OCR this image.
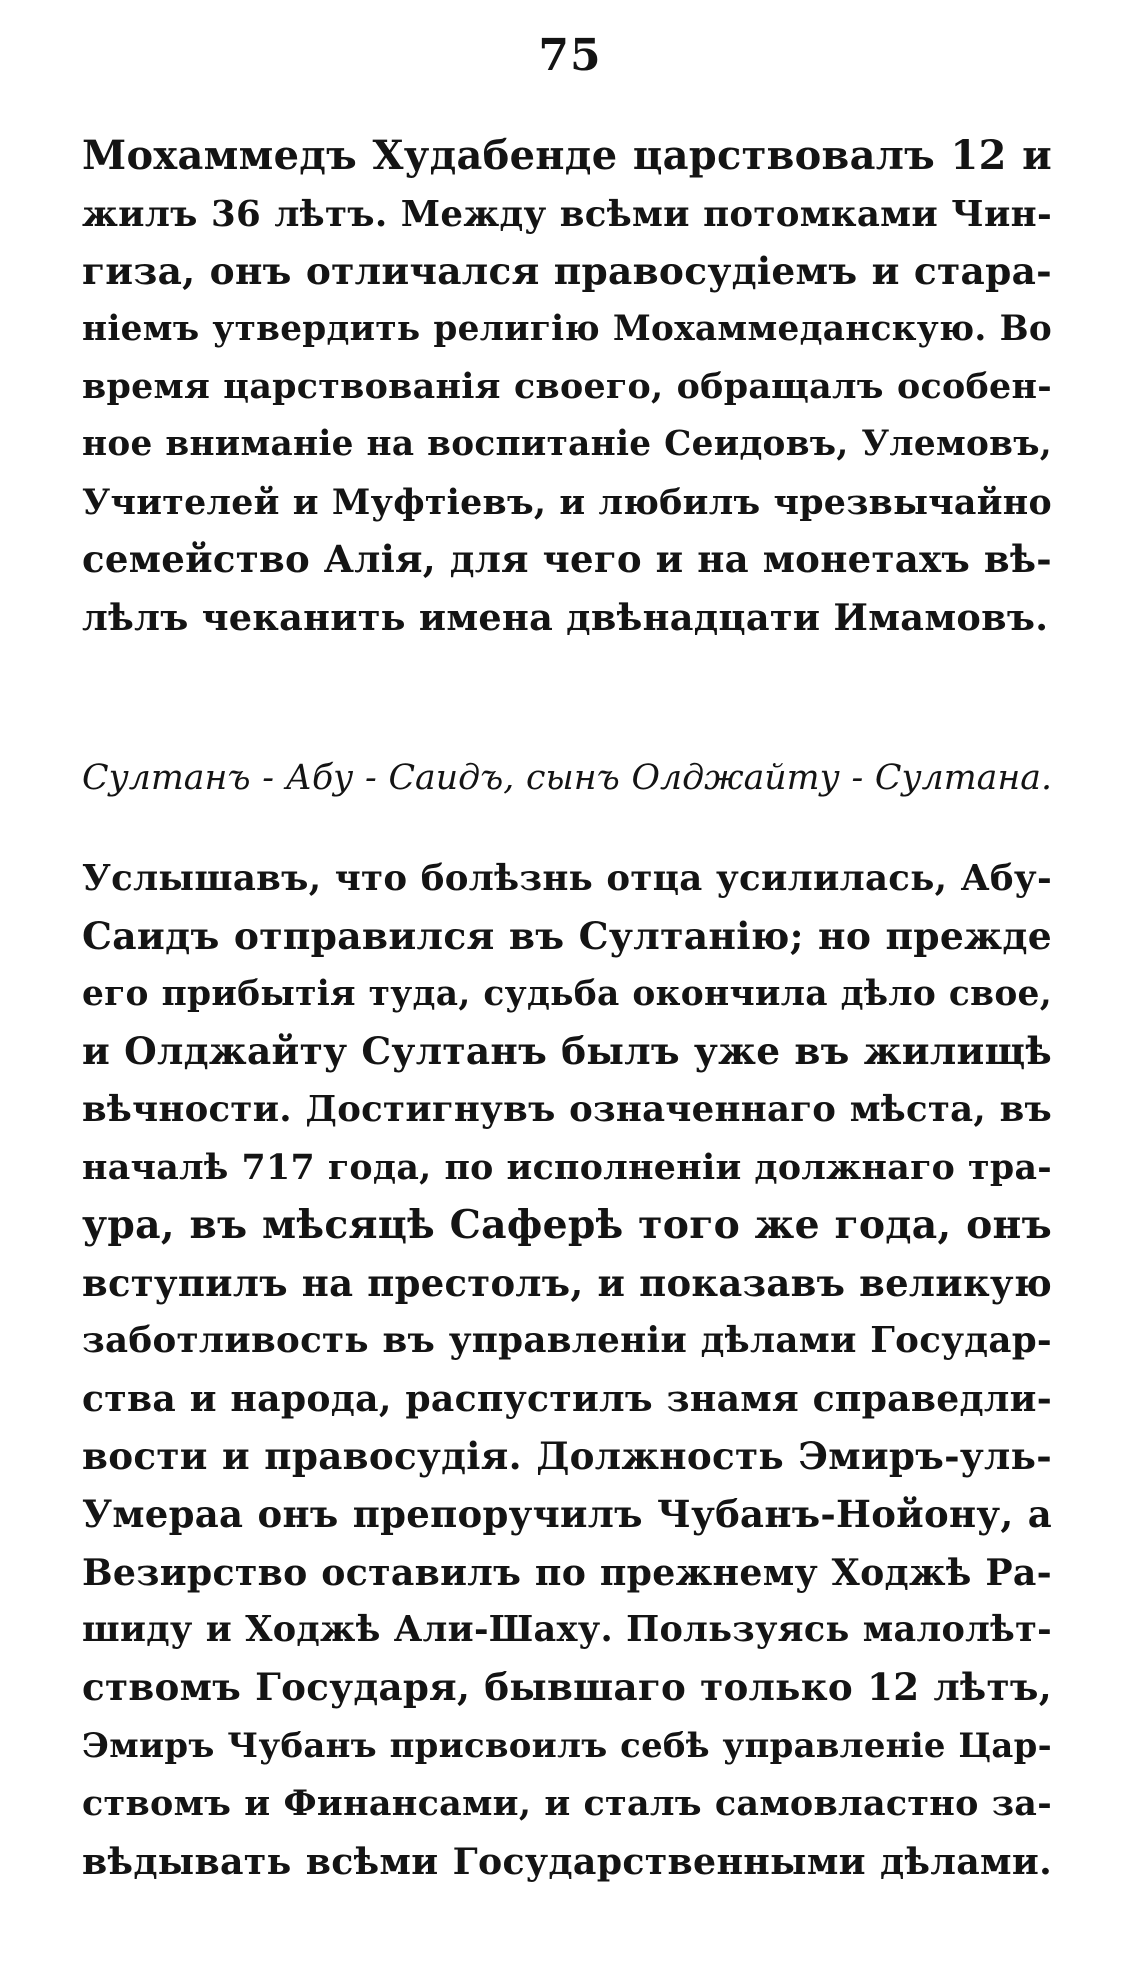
75
Мохаммедъ Худабенде царствовалъ 12 и
жилъ 36 лѣтъ. Между всѣми потомками Чин-
гиза, онъ отличался правосудіемъ и стара-
ніемъ утвердить религію Мохаммеданскую. Во
время царствованія своего, обращалъ особен-
ное вниманіе на воспитаніе Сеидовъ, Улемовъ,
Учителей и Муфтіевъ, и любилъ чрезвычайно
семейство Алія, для чего и на монетахъ вѣ-
лѣлъ чеканить имена двѣнадцати Имамовъ.
Султанъ - Абу - Саидъ, сынъ Олджайту - Султана.
Услышавъ, что болѣзнь отца усилилась, Абу-
Саидъ отправился въ Султанію; но прежде
его прибытія туда, судьба окончила дѣло свое,
и Олджайту Султанъ былъ уже въ жилищѣ
вѣчности. Достигнувъ означеннаго мѣста, въ
началѣ 717 года, по исполненіи должнаго тра-
ура, въ мѣсяцѣ Саферѣ того же года, онъ
вступилъ на престолъ, и показавъ великую
заботливость въ управленіи дѣлами Государ-
ства и народа, распустилъ знамя справедли-
вости и правосудія. Должность Эмиръ-уль-
Умераа онъ препоручилъ Чубанъ-Нойону, а
Везирство оставилъ по прежнему Ходжѣ Ра-
шиду и Ходжѣ Али-Шаху. Пользуясь малолѣт-
ствомъ Государя, бывшаго только 12 лѣтъ,
Эмиръ Чубанъ присвоилъ себѣ управленіе Цар-
ствомъ и Финансами, и сталъ самовластно за-
вѣдывать всѣми Государственными дѣлами.
